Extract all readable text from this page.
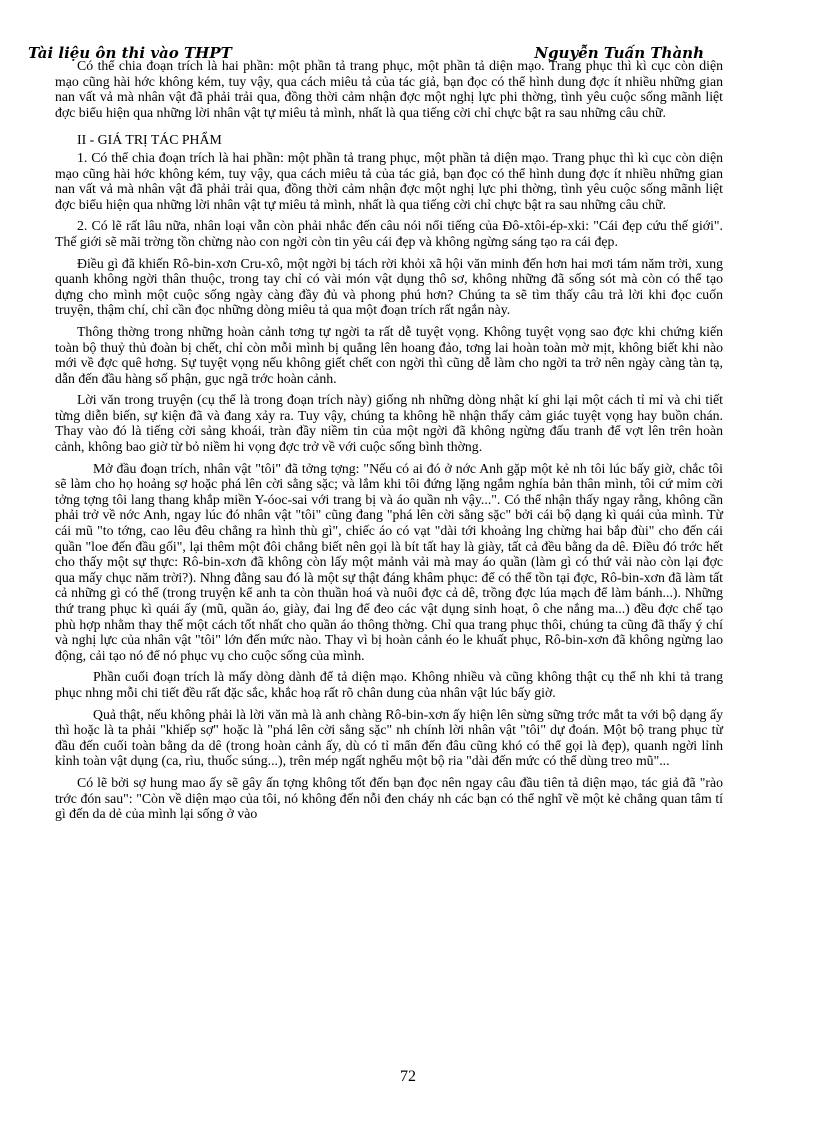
Tài liệu ôn thi vào THPT	Nguyễn Tuấn Thành

Có thể chia đoạn trích là hai phần: một phần tả trang phục, một phần tả diện mạo. Trang phục thì kì cục còn diện mạo cũng hài hớc không kém, tuy vậy, qua cách miêu tả của tác giả, bạn đọc có thể hình dung đợc ít nhiều những gian nan vất vả mà nhân vật đã phải trải qua, đồng thời cảm nhận đợc một nghị lực phi thờng, tình yêu cuộc sống mãnh liệt đợc biểu hiện qua những lời nhân vật tự miêu tả mình, nhất là qua tiếng cời chỉ chực bật ra sau những câu chữ.

II - GIÁ TRỊ TÁC PHẨM

1. Có thể chia đoạn trích là hai phần: một phần tả trang phục, một phần tả diện mạo. Trang phục thì kì cục còn diện mạo cũng hài hớc không kém, tuy vậy, qua cách miêu tả của tác giả, bạn đọc có thể hình dung đợc ít nhiều những gian nan vất vả mà nhân vật đã phải trải qua, đồng thời cảm nhận đợc một nghị lực phi thờng, tình yêu cuộc sống mãnh liệt đợc biểu hiện qua những lời nhân vật tự miêu tả mình, nhất là qua tiếng cời chỉ chực bật ra sau những câu chữ.

2. Có lẽ rất lâu nữa, nhân loại vẫn còn phải nhắc đến câu nói nổi tiếng của Đô-xtôi-ép-xki: "Cái đẹp cứu thế giới". Thế giới sẽ mãi trờng tồn chừng nào con ngời còn tin yêu cái đẹp và không ngừng sáng tạo ra cái đẹp.

Điều gì đã khiến Rô-bin-xơn Cru-xô, một ngời bị tách rời khỏi xã hội văn minh đến hơn hai mơi tám năm trời, xung quanh không ngời thân thuộc, trong tay chỉ có vài món vật dụng thô sơ, không những đã sống sót mà còn có thể tạo dựng cho mình một cuộc sống ngày càng đầy đủ và phong phú hơn? Chúng ta sẽ tìm thấy câu trả lời khi đọc cuốn truyện, thậm chí, chỉ cần đọc những dòng miêu tả qua một đoạn trích rất ngắn này.

Thông thờng trong những hoàn cảnh tơng tự ngời ta rất dễ tuyệt vọng. Không tuyệt vọng sao đợc khi chứng kiến toàn bộ thuỷ thủ đoàn bị chết, chỉ còn mỗi mình bị quẳng lên hoang đảo, tơng lai hoàn toàn mờ mịt, không biết khi nào mới về đợc quê hơng. Sự tuyệt vọng nếu không giết chết con ngời thì cũng dễ làm cho ngời ta trở nên ngày càng tàn tạ, dẫn đến đầu hàng số phận, gục ngã trớc hoàn cảnh.

Lời văn trong truyện (cụ thể là trong đoạn trích này) giống nh những dòng nhật kí ghi lại một cách tỉ mỉ và chi tiết từng diễn biến, sự kiện đã và đang xảy ra. Tuy vậy, chúng ta không hề nhận thấy cảm giác tuyệt vọng hay buồn chán. Thay vào đó là tiếng cời sảng khoái, tràn đầy niềm tin của một ngời đã không ngừng đấu tranh để vợt lên trên hoàn cảnh, không bao giờ từ bỏ niềm hi vọng đợc trở về với cuộc sống bình thờng.

Mở đầu đoạn trích, nhân vật "tôi" đã tởng tợng: "Nếu có ai đó ở nớc Anh gặp một kẻ nh tôi lúc bấy giờ, chắc tôi sẽ làm cho họ hoảng sợ hoặc phá lên cời sằng sặc; và lắm khi tôi đứng lặng ngắm nghía bản thân mình, tôi cứ mỉm cời tởng tợng tôi lang thang khắp miền Y-óoc-sai với trang bị và áo quần nh vậy...". Có thể nhận thấy ngay rằng, không cần phải trở về nớc Anh, ngay lúc đó nhân vật "tôi" cũng đang "phá lên cời sằng sặc" bởi cái bộ dạng kì quái của mình. Từ cái mũ "to tớng, cao lêu đêu chẳng ra hình thù gì", chiếc áo có vạt "dài tới khoảng lng chừng hai bắp đùi" cho đến cái quần "loe đến đầu gối", lại thêm một đôi chẳng biết nên gọi là bít tất hay là giày, tất cả đều bằng da dê. Điều đó trớc hết cho thấy một sự thực: Rô-bin-xơn đã không còn lấy một mảnh vải mà may áo quần (làm gì có thứ vải nào còn lại đợc qua mấy chục năm trời?). Nhng đằng sau đó là một sự thật đáng khâm phục: để có thể tồn tại đợc, Rô-bin-xơn đã làm tất cả những gì có thể (trong truyện kể anh ta còn thuần hoá và nuôi đợc cả dê, trồng đợc lúa mạch để làm bánh...). Những thứ trang phục kì quái ấy (mũ, quần áo, giày, đai lng để đeo các vật dụng sinh hoạt, ô che nắng ma...) đều đợc chế tạo phù hợp nhằm thay thế một cách tốt nhất cho quần áo thông thờng. Chỉ qua trang phục thôi, chúng ta cũng đã thấy ý chí và nghị lực của nhân vật "tôi" lớn đến mức nào. Thay vì bị hoàn cảnh éo le khuất phục, Rô-bin-xơn đã không ngừng lao động, cải tạo nó để nó phục vụ cho cuộc sống của mình.

Phần cuối đoạn trích là mấy dòng dành để tả diện mạo. Không nhiều và cũng không thật cụ thể nh khi tả trang phục nhng mỗi chi tiết đều rất đặc sắc, khắc hoạ rất rõ chân dung của nhân vật lúc bấy giờ.

Quả thật, nếu không phải là lời văn mà là anh chàng Rô-bin-xơn ấy hiện lên sừng sững trớc mắt ta với bộ dạng ấy thì hoặc là ta phải "khiếp sợ" hoặc là "phá lên cời sằng sặc" nh chính lời nhân vật "tôi" dự đoán. Một bộ trang phục từ đầu đến cuối toàn bằng da dê (trong hoàn cảnh ấy, dù có tỉ mẩn đến đâu cũng khó có thể gọi là đẹp), quanh ngời lỉnh kỉnh toàn vật dụng (ca, rìu, thuốc súng...), trên mép ngất nghểu một bộ ria "dài đến mức có thể dùng treo mũ"...

Có lẽ bởi sợ hung mao ấy sẽ gây ấn tợng không tốt đến bạn đọc nên ngay câu đầu tiên tả diện mạo, tác giả đã "rào trớc đón sau": "Còn về diện mạo của tôi, nó không đến nỗi đen cháy nh các bạn có thể nghĩ về một kẻ chẳng quan tâm tí gì đến da dẻ của mình lại sống ở vào

72
